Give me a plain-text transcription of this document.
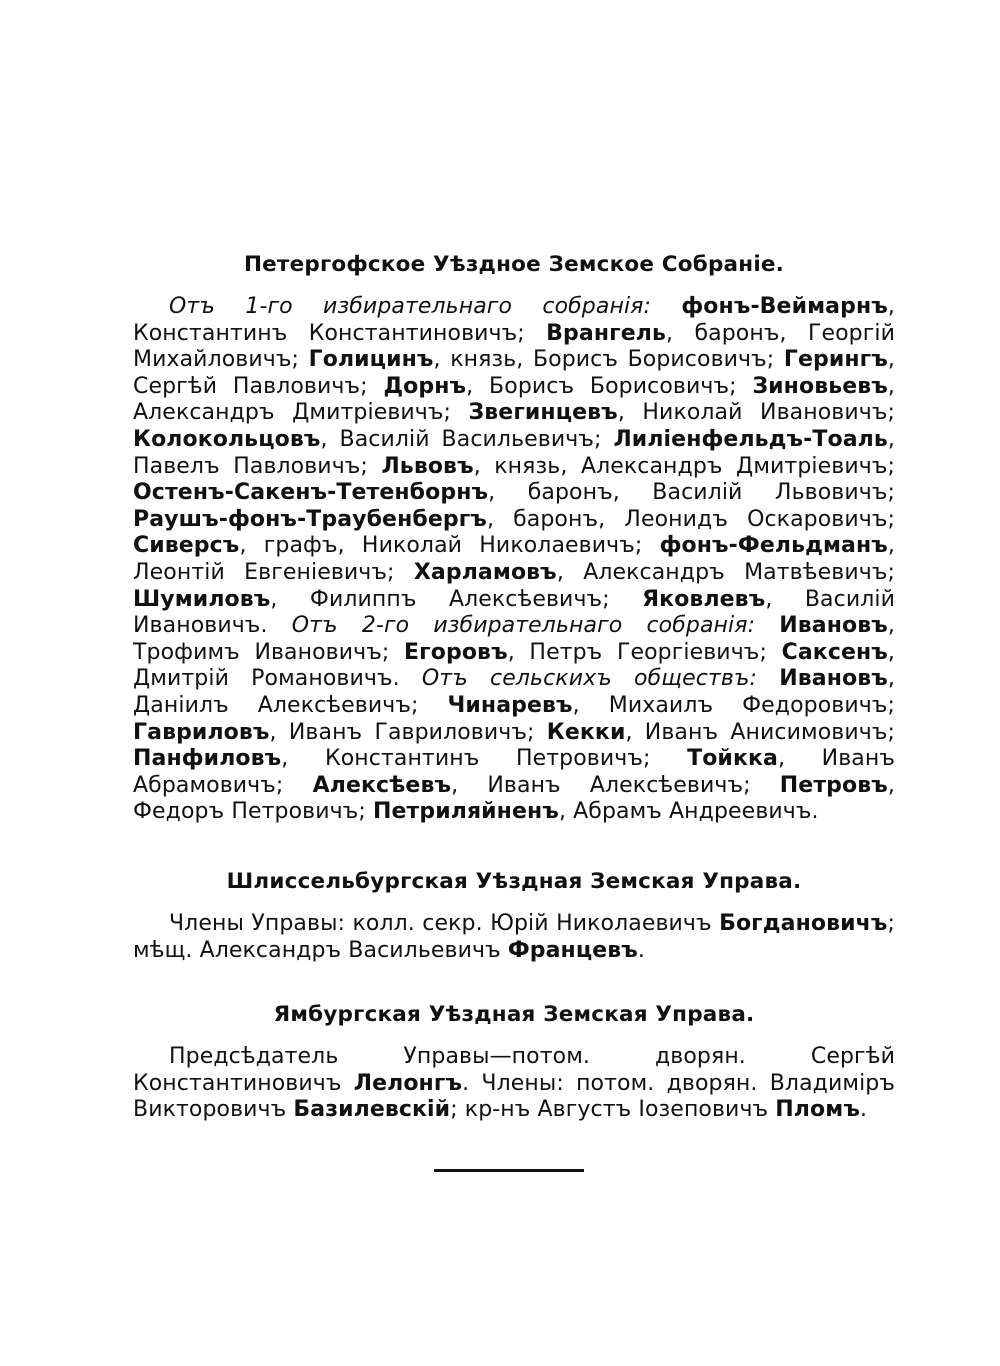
Петергофское Уѣздное Земское Собраніе.

Отъ 1-го избирательнаго собранія: фонъ-Веймарнъ, Константинъ Константиновичъ; Врангель, баронъ, Георгій Михайловичъ; Голицинъ, князь, Борисъ Борисовичъ; Герингъ, Сергѣй Павловичъ; Дорнъ, Борисъ Борисовичъ; Зиновьевъ, Александръ Дмитріевичъ; Звегинцевъ, Николай Ивановичъ; Колокольцовъ, Василій Васильевичъ; Лиліенфельдъ-Тоаль, Павелъ Павловичъ; Львовъ, князь, Александръ Дмитріевичъ; Остенъ-Сакенъ-Тетенборнъ, баронъ, Василій Львовичъ; Раушъ-фонъ-Траубенбергъ, баронъ, Леонидъ Оскаровичъ; Сиверсъ, графъ, Николай Николаевичъ; фонъ-Фельдманъ, Леонтій Евгеніевичъ; Харламовъ, Александръ Матвѣевичъ; Шумиловъ, Филиппъ Алексѣевичъ; Яковлевъ, Василій Ивановичъ. Отъ 2-го избирательнаго собранія: Ивановъ, Трофимъ Ивановичъ; Егоровъ, Петръ Георгіевичъ; Саксенъ, Дмитрій Романовичъ. Отъ сельскихъ обществъ: Ивановъ, Даніилъ Алексѣевичъ; Чинаревъ, Михаилъ Федоровичъ; Гавриловъ, Иванъ Гавриловичъ; Кекки, Иванъ Анисимовичъ; Панфиловъ, Константинъ Петровичъ; Тойкка, Иванъ Абрамовичъ; Алексѣевъ, Иванъ Алексѣевичъ; Петровъ, Федоръ Петровичъ; Петриляйненъ, Абрамъ Андреевичъ.

Шлиссельбургская Уѣздная Земская Управа.

Члены Управы: колл. секр. Юрій Николаевичъ Богдановичъ; мѣщ. Александръ Васильевичъ Францевъ.

Ямбургская Уѣздная Земская Управа.

Предсѣдатель Управы—потом. дворян. Сергѣй Константиновичъ Лелонгъ. Члены: потом. дворян. Владиміръ Викторовичъ Базилевскій; кр-нъ Августъ Іозеповичъ Пломъ.
